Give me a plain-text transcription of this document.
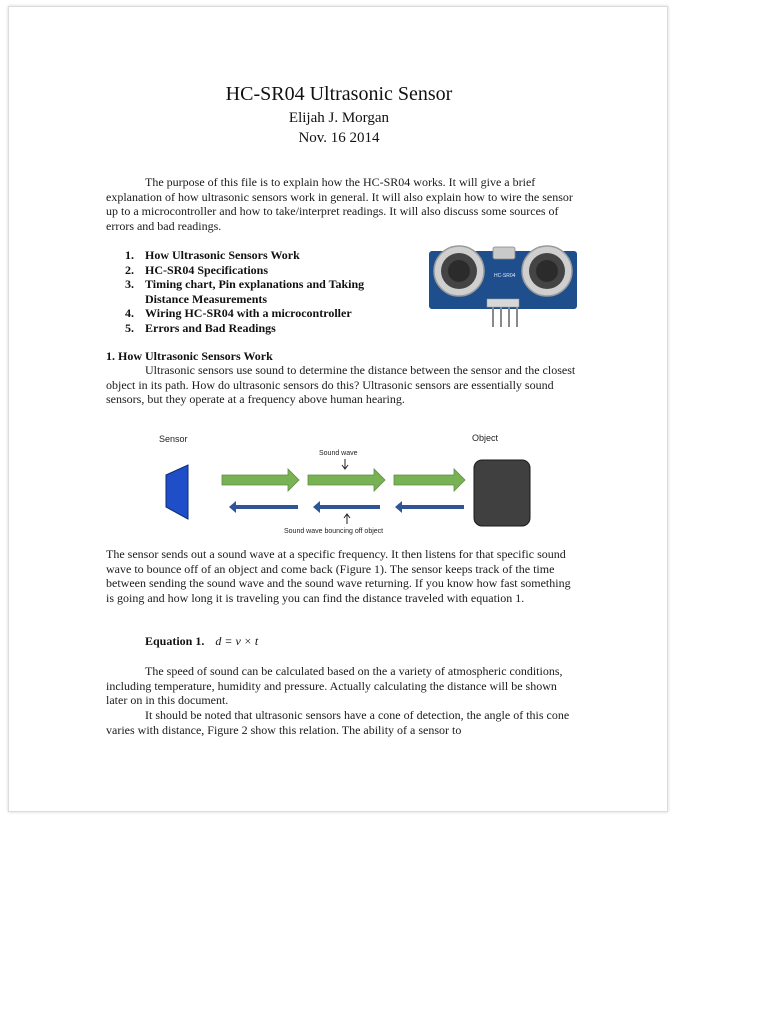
HC-SR04 Ultrasonic Sensor
Elijah J. Morgan
Nov. 16 2014

The purpose of this file is to explain how the HC-SR04 works. It will give a brief explanation of how ultrasonic sensors work in general. It will also explain how to wire the sensor up to a microcontroller and how to take/interpret readings. It will also discuss some sources of errors and bad readings.

1. How Ultrasonic Sensors Work
2. HC-SR04 Specifications
3. Timing chart, Pin explanations and Taking Distance Measurements
4. Wiring HC-SR04 with a microcontroller
5. Errors and Bad Readings
HC-SR04
1. How Ultrasonic Sensors Work

Ultrasonic sensors use sound to determine the distance between the sensor and the closest object in its path. How do ultrasonic sensors do this? Ultrasonic sensors are essentially sound sensors, but they operate at a frequency above human hearing.

Sensor	Object
Sound wave
Sound wave bouncing off object

The sensor sends out a sound wave at a specific frequency. It then listens for that specific sound wave to bounce off of an object and come back (Figure 1). The sensor keeps track of the time between sending the sound wave and the sound wave returning. If you know how fast something is going and how long it is traveling you can find the distance traveled with equation 1.

Equation 1. d = v × t

The speed of sound can be calculated based on the a variety of atmospheric conditions, including temperature, humidity and pressure. Actually calculating the distance will be shown later on in this document.

It should be noted that ultrasonic sensors have a cone of detection, the angle of this cone varies with distance, Figure 2 show this relation. The ability of a sensor to
